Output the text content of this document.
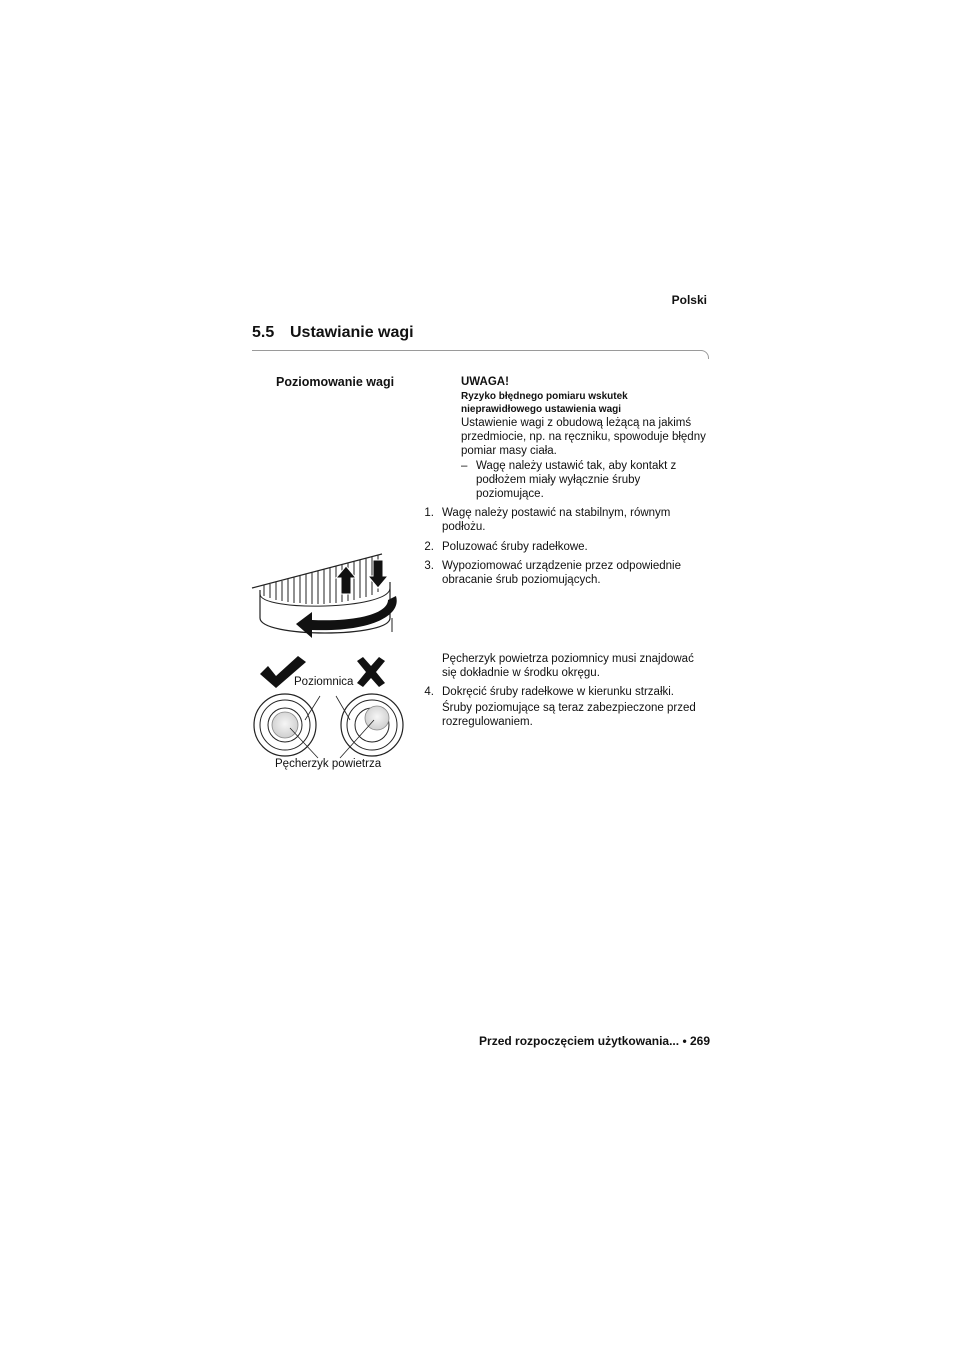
Polski
5.5 Ustawianie wagi
Poziomowanie wagi	UWAGA!
Ryzyko błędnego pomiaru wskutek nieprawidłowego ustawienia wagi
Ustawienie wagi z obudową leżącą na jakimś przedmiocie, np. na ręczniku, spowoduje błędny pomiar masy ciała.
– Wagę należy ustawić tak, aby kontakt z podłożem miały wyłącznie śruby poziomujące.
1. Wagę należy postawić na stabilnym, równym podłożu.
2. Poluzować śruby radełkowe.
3. Wypoziomować urządzenie przez odpowiednie obracanie śrub poziomujących.
Pęcherzyk powietrza poziomnicy musi znajdować się dokładnie w środku okręgu.
4. Dokręcić śruby radełkowe w kierunku strzałki.
Śruby poziomujące są teraz zabezpieczone przed rozregulowaniem.
Poziomnica
Pęcherzyk powietrza
Przed rozpoczęciem użytkowania... • 269
